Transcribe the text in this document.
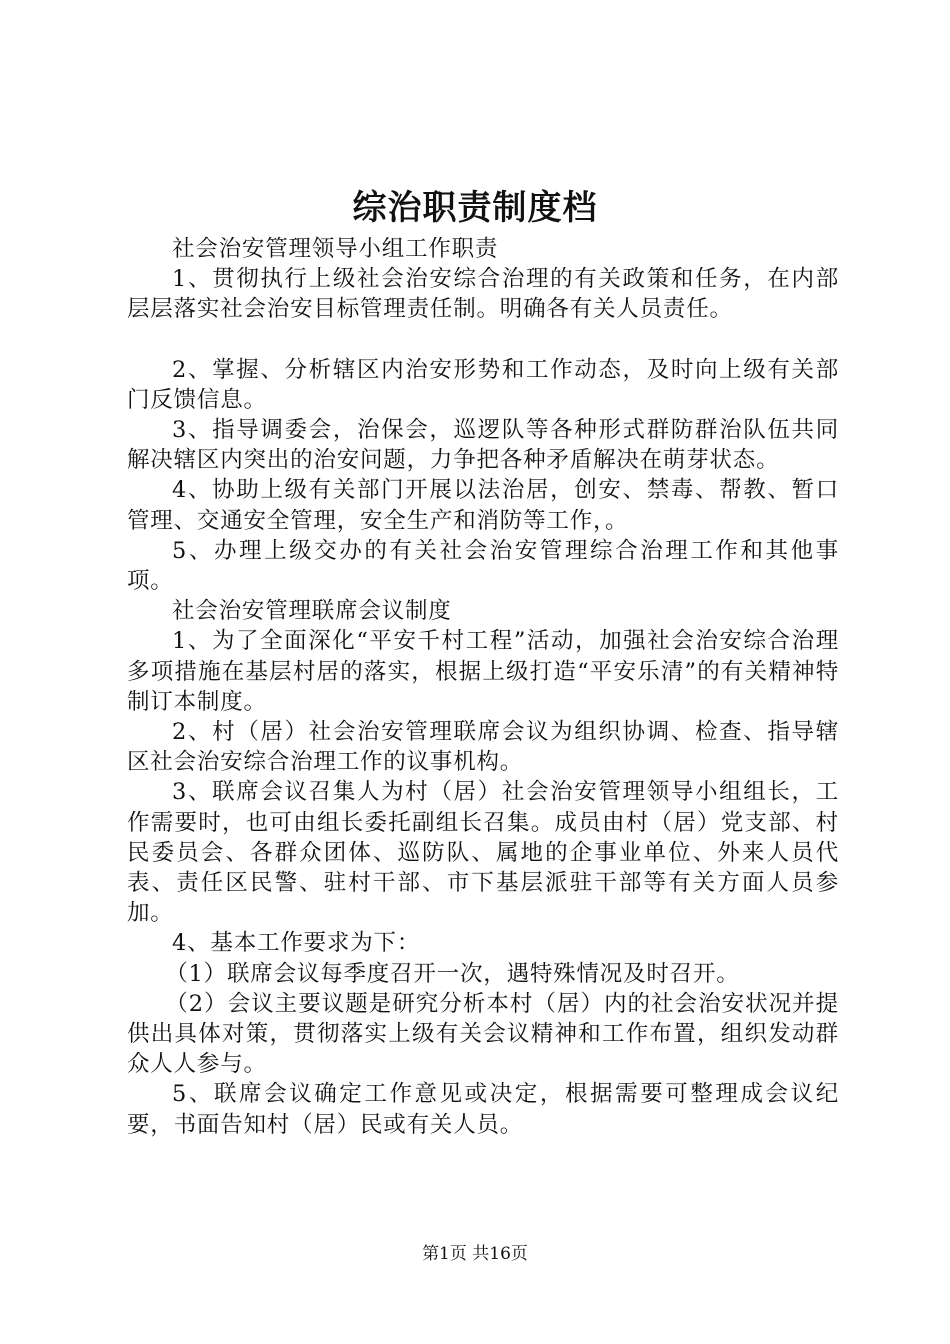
综治职责制度档

社会治安管理领导小组工作职责

1、贯彻执行上级社会治安综合治理的有关政策和任务，在内部层层落实社会治安目标管理责任制。明确各有关人员责任。

2、掌握、分析辖区内治安形势和工作动态，及时向上级有关部门反馈信息。

3、指导调委会，治保会，巡逻队等各种形式群防群治队伍共同解决辖区内突出的治安问题，力争把各种矛盾解决在萌芽状态。

4、协助上级有关部门开展以法治居，创安、禁毒、帮教、暂口管理、交通安全管理，安全生产和消防等工作，。

5、办理上级交办的有关社会治安管理综合治理工作和其他事项。

社会治安管理联席会议制度

1、为了全面深化“平安千村工程”活动，加强社会治安综合治理多项措施在基层村居的落实，根据上级打造“平安乐清”的有关精神特制订本制度。

2、村（居）社会治安管理联席会议为组织协调、检查、指导辖区社会治安综合治理工作的议事机构。

3、联席会议召集人为村（居）社会治安管理领导小组组长，工作需要时，也可由组长委托副组长召集。成员由村（居）党支部、村民委员会、各群众团体、巡防队、属地的企事业单位、外来人员代表、责任区民警、驻村干部、市下基层派驻干部等有关方面人员参加。

4、基本工作要求为下：

（1）联席会议每季度召开一次，遇特殊情况及时召开。

（2）会议主要议题是研究分析本村（居）内的社会治安状况并提供出具体对策，贯彻落实上级有关会议精神和工作布置，组织发动群众人人参与。

5、联席会议确定工作意见或决定，根据需要可整理成会议纪要，书面告知村（居）民或有关人员。

第1页 共16页
